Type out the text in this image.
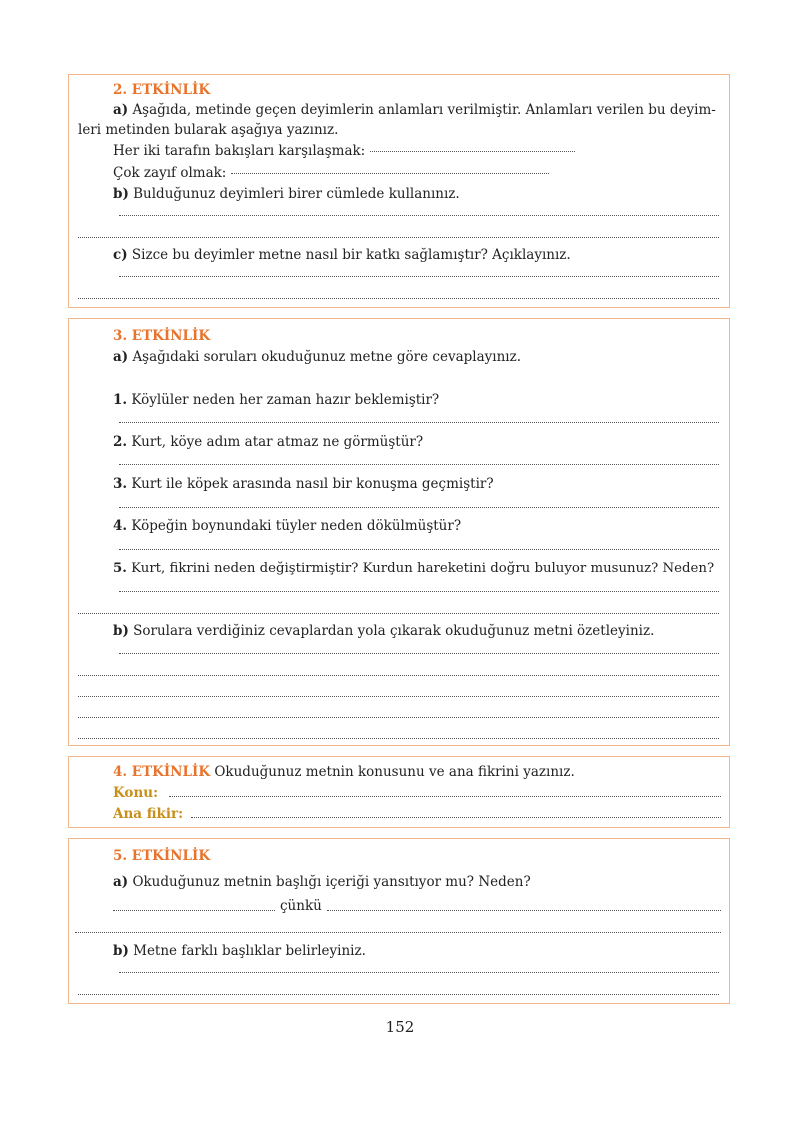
2. ETKİNLİK
a) Aşağıda, metinde geçen deyimlerin anlamları verilmiştir. Anlamları verilen bu deyim-
leri metinden bularak aşağıya yazınız.
Her iki tarafın bakışları karşılaşmak:
Çok zayıf olmak:
b) Bulduğunuz deyimleri birer cümlede kullanınız.
c) Sizce bu deyimler metne nasıl bir katkı sağlamıştır? Açıklayınız.
3. ETKİNLİK
a) Aşağıdaki soruları okuduğunuz metne göre cevaplayınız.
1. Köylüler neden her zaman hazır beklemiştir?
2. Kurt, köye adım atar atmaz ne görmüştür?
3. Kurt ile köpek arasında nasıl bir konuşma geçmiştir?
4. Köpeğin boynundaki tüyler neden dökülmüştür?
5. Kurt, fikrini neden değiştirmiştir? Kurdun hareketini doğru buluyor musunuz? Neden?
b) Sorulara verdiğiniz cevaplardan yola çıkarak okuduğunuz metni özetleyiniz.
4. ETKİNLİK Okuduğunuz metnin konusunu ve ana fikrini yazınız.
Konu:
Ana fikir:
5. ETKİNLİK
a) Okuduğunuz metnin başlığı içeriği yansıtıyor mu? Neden?
çünkü
b) Metne farklı başlıklar belirleyiniz.
152
